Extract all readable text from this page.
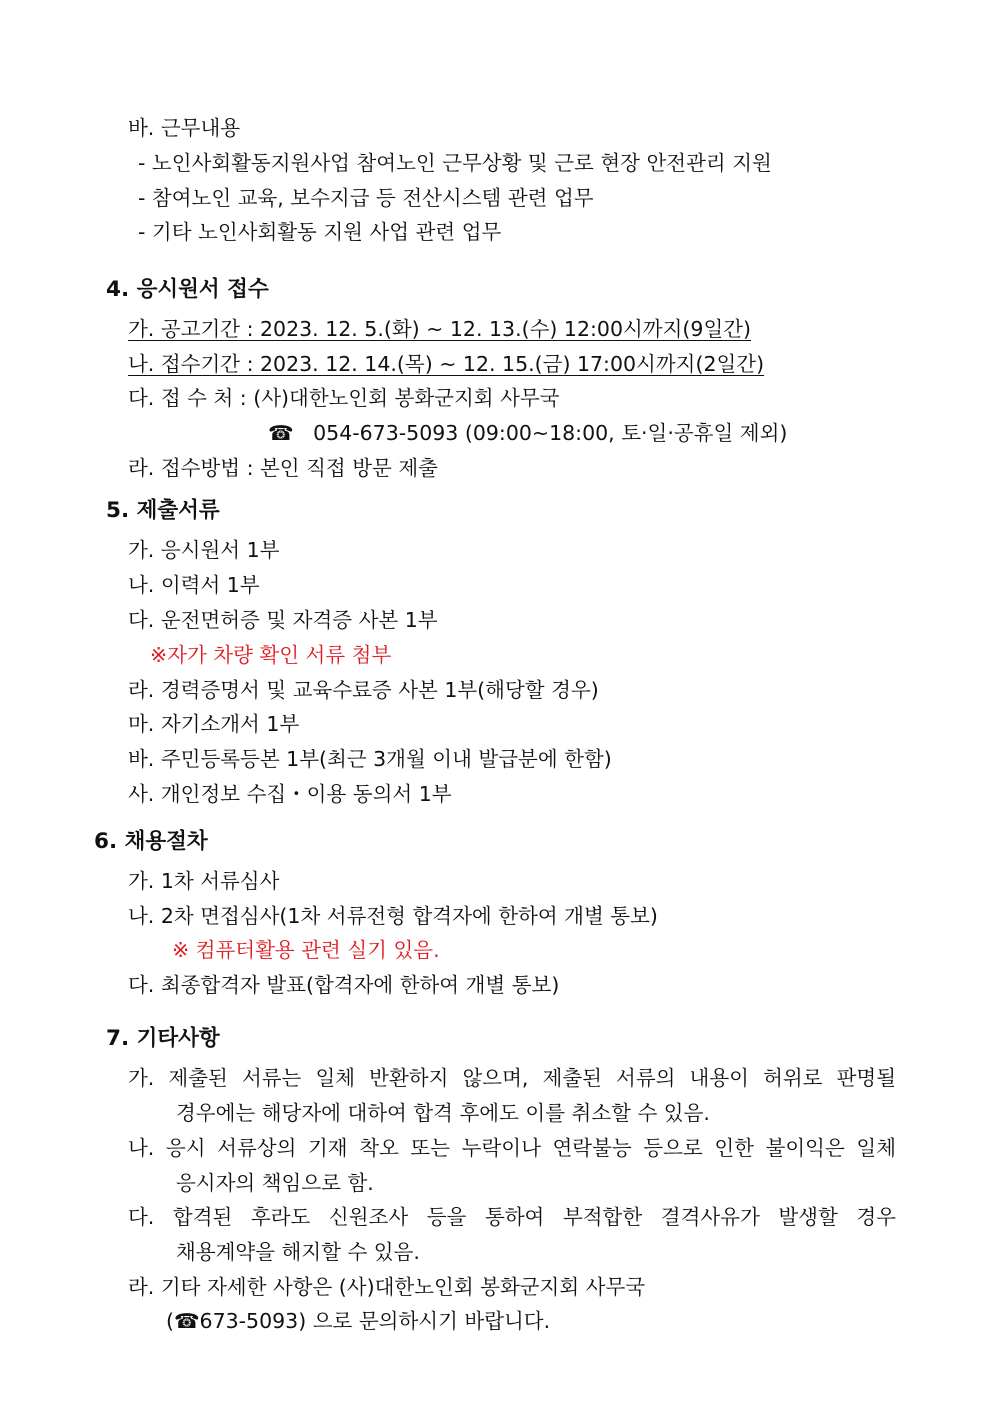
바. 근무내용
- 노인사회활동지원사업 참여노인 근무상황 및 근로 현장 안전관리 지원
- 참여노인 교육, 보수지급 등 전산시스템 관련 업무
- 기타 노인사회활동 지원 사업 관련 업무
4. 응시원서 접수
가. 공고기간 : 2023. 12. 5.(화) ~ 12. 13.(수) 12:00시까지(9일간)
나. 접수기간 : 2023. 12. 14.(목) ~ 12. 15.(금) 17:00시까지(2일간)
다. 접 수 처 : (사)대한노인회 봉화군지회 사무국
☎ 054-673-5093 (09:00~18:00, 토·일·공휴일 제외)
라. 접수방법 : 본인 직접 방문 제출
5. 제출서류
가. 응시원서 1부
나. 이력서 1부
다. 운전면허증 및 자격증 사본 1부
※자가 차량 확인 서류 첨부
라. 경력증명서 및 교육수료증 사본 1부(해당할 경우)
마. 자기소개서 1부
바. 주민등록등본 1부(최근 3개월 이내 발급분에 한함)
사. 개인정보 수집・이용 동의서 1부
6. 채용절차
가. 1차 서류심사
나. 2차 면접심사(1차 서류전형 합격자에 한하여 개별 통보)
※ 컴퓨터활용 관련 실기 있음.
다. 최종합격자 발표(합격자에 한하여 개별 통보)
7. 기타사항
가. 제출된 서류는 일체 반환하지 않으며, 제출된 서류의 내용이 허위로 판명될
경우에는 해당자에 대하여 합격 후에도 이를 취소할 수 있음.
나. 응시 서류상의 기재 착오 또는 누락이나 연락불능 등으로 인한 불이익은 일체
응시자의 책임으로 함.
다. 합격된 후라도 신원조사 등을 통하여 부적합한 결격사유가 발생할 경우
채용계약을 해지할 수 있음.
라. 기타 자세한 사항은 (사)대한노인회 봉화군지회 사무국
(☎673-5093) 으로 문의하시기 바랍니다.
